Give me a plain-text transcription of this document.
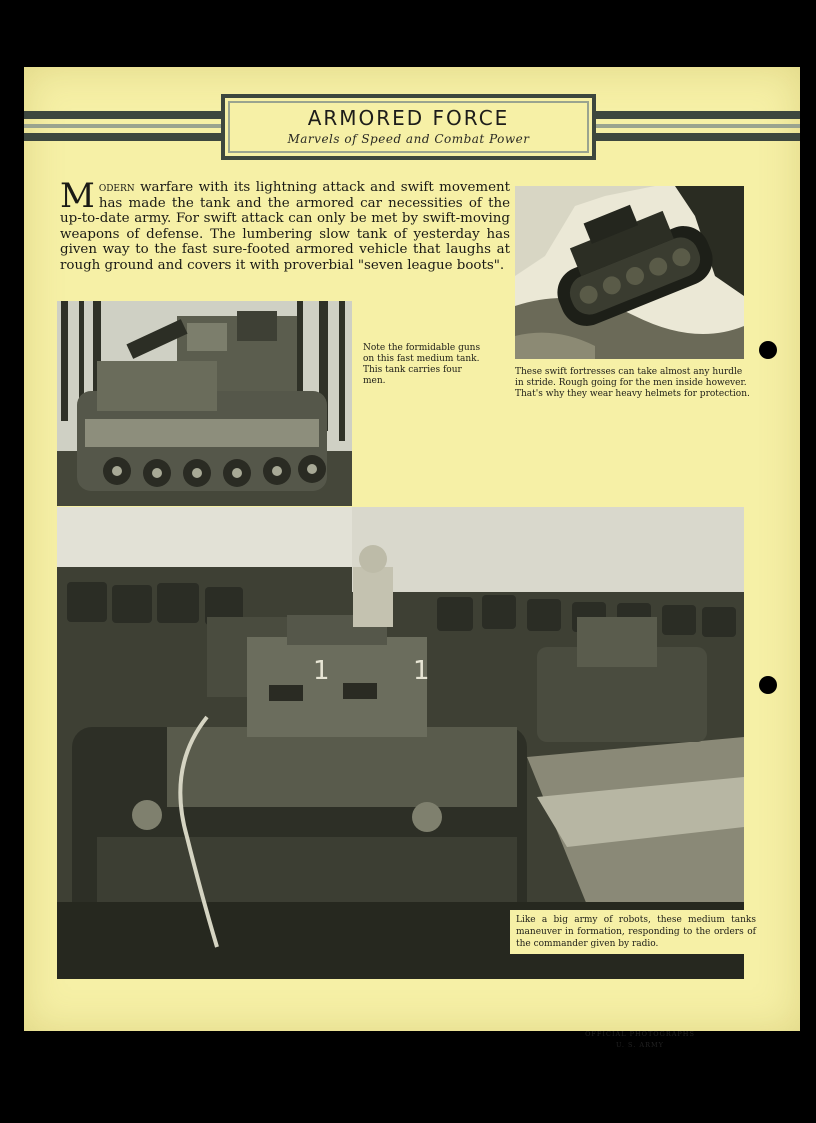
ARMORED FORCE
Marvels of Speed and Combat Power
Modern warfare with its lightning attack and swift movement has made the tank and the armored car necessities of the up-to-date army. For swift attack can only be met by swift-moving weapons of defense. The lumbering slow tank of yesterday has given way to the fast sure-footed armored vehicle that laughs at rough ground and covers it with proverbial "seven league boots".
These swift fortresses can take almost any hurdle in stride. Rough going for the men inside however. That's why they wear heavy helmets for protection.
Note the formidable guns on this fast medium tank. This tank carries four men.
1	1
Like a big army of robots, these medium tanks maneuver in formation, responding to the orders of the commander given by radio.
OFFICIAL PHOTOGRAPHS
U. S. ARMY
